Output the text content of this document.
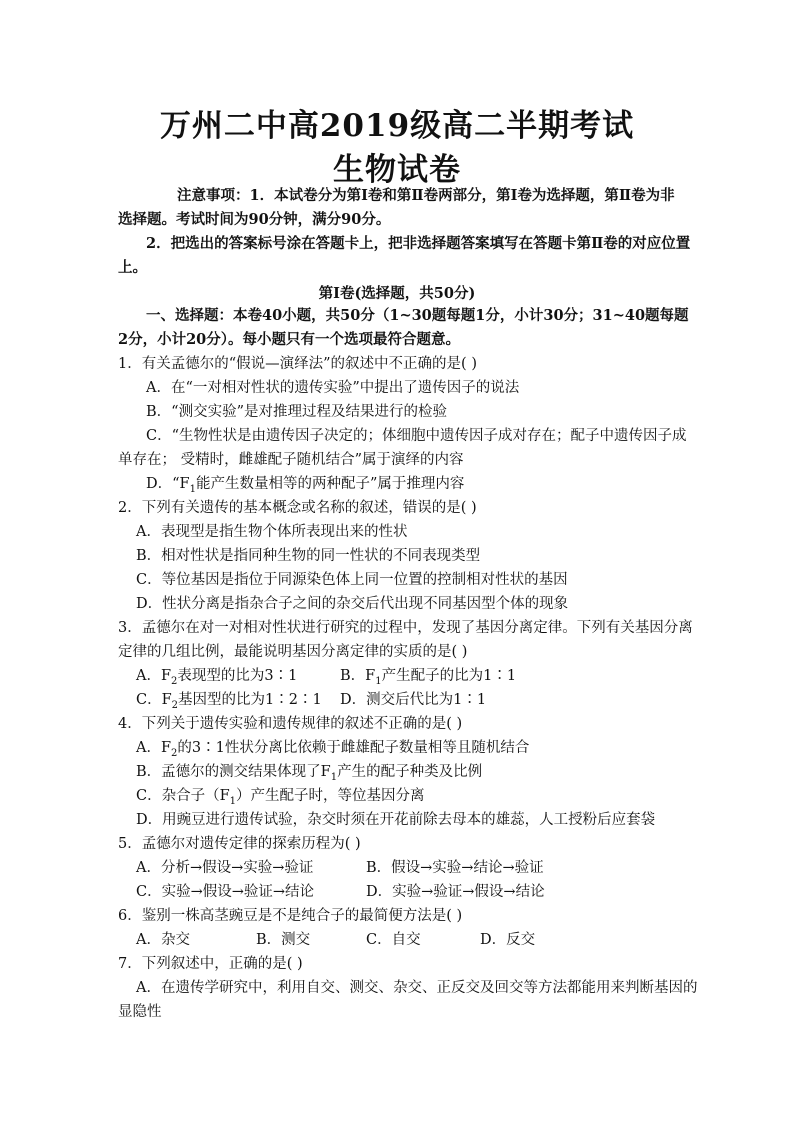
万州二中高2019级高二半期考试
生物试卷
注意事项：1．本试卷分为第Ⅰ卷和第Ⅱ卷两部分，第Ⅰ卷为选择题，第Ⅱ卷为非
选择题。考试时间为90分钟，满分90分。
2．把选出的答案标号涂在答题卡上，把非选择题答案填写在答题卡第Ⅱ卷的对应位置
上。
第Ⅰ卷(选择题，共50分)
一、选择题：本卷40小题，共50分（1~30题每题1分，小计30分；31~40题每题
2分，小计20分）。每小题只有一个选项最符合题意。
1．有关孟德尔的“假说—演绎法”的叙述中不正确的是( )
A．在“一对相对性状的遗传实验”中提出了遗传因子的说法
B．“测交实验”是对推理过程及结果进行的检验
C．“生物性状是由遗传因子决定的；体细胞中遗传因子成对存在；配子中遗传因子成
单存在； 受精时，雌雄配子随机结合”属于演绎的内容
D．“$F_1$能产生数量相等的两种配子”属于推理内容
2．下列有关遗传的基本概念或名称的叙述，错误的是( )
A．表现型是指生物个体所表现出来的性状
B．相对性状是指同种生物的同一性状的不同表现类型
C．等位基因是指位于同源染色体上同一位置的控制相对性状的基因
D．性状分离是指杂合子之间的杂交后代出现不同基因型个体的现象
3．孟德尔在对一对相对性状进行研究的过程中，发现了基因分离定律。下列有关基因分离
定律的几组比例，最能说明基因分离定律的实质的是( )
A．$F_2$表现型的比为3∶1	B．$F_1$产生配子的比为1∶1
C．$F_2$基因型的比为1∶2∶1 D．测交后代比为1∶1
4．下列关于遗传实验和遗传规律的叙述不正确的是( )
A．$F_2$的3∶1性状分离比依赖于雌雄配子数量相等且随机结合
B．孟德尔的测交结果体现了$F_1$产生的配子种类及比例
C．杂合子$(F_1)$产生配子时，等位基因分离
D．用豌豆进行遗传试验，杂交时须在开花前除去母本的雄蕊，人工授粉后应套袋
5．孟德尔对遗传定律的探索历程为( )
A．分析→假设→实验→验证	B．假设→实验→结论→验证
C．实验→假设→验证→结论	D．实验→验证→假设→结论
6．鉴别一株高茎豌豆是不是纯合子的最简便方法是( )
A．杂交	B．测交	C．自交	D．反交
7．下列叙述中，正确的是( )
A．在遗传学研究中，利用自交、测交、杂交、正反交及回交等方法都能用来判断基因的
显隐性
